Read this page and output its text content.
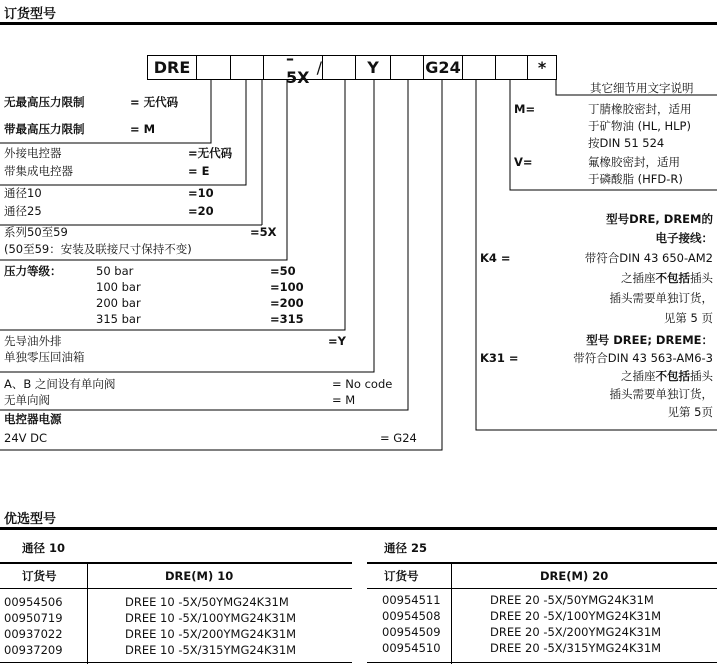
订货型号
DRE	–5X /	Y	G24	*
无最高压力限制	= 无代码
带最高压力限制	= M
外接电控器	=无代码
带集成电控器	= E
通径10	=10
通径25	=20
系列50至59	=5X
(50至59：安装及联接尺寸保持不变)
压力等级：	50 bar	=50
100 bar	=100
200 bar	=200
315 bar	=315
先导油外排
单独零压回油箱
=Y
A、B 之间设有单向阀	= No code
无单向阀	= M
电控器电源
24V DC	= G24
其它细节用文字说明
M=	丁腈橡胶密封，适用
于矿物油 (HL, HLP)
按DIN 51 524
V=	氟橡胶密封，适用
于磷酸脂 (HFD-R)
型号DRE, DREM的
电子接线：
K4 =	带符合DIN 43 650-AM2
之插座不包括插头
插头需要单独订货，
见第 5 页
型号 DREE; DREME：
K31 =	带符合DIN 43 563-AM6-3
之插座不包括插头
插头需要单独订货，
见第 5页
优选型号
通径 10
订货号	DRE(M) 10
00954506	DREE 10 -5X/50YMG24K31M
00950719	DREE 10 -5X/100YMG24K31M
00937022	DREE 10 -5X/200YMG24K31M
00937209	DREE 10 -5X/315YMG24K31M
通径 25
订货号	DRE(M) 20
00954511	DREE 20 -5X/50YMG24K31M
00954508	DREE 20 -5X/100YMG24K31M
00954509	DREE 20 -5X/200YMG24K31M
00954510	DREE 20 -5X/315YMG24K31M
